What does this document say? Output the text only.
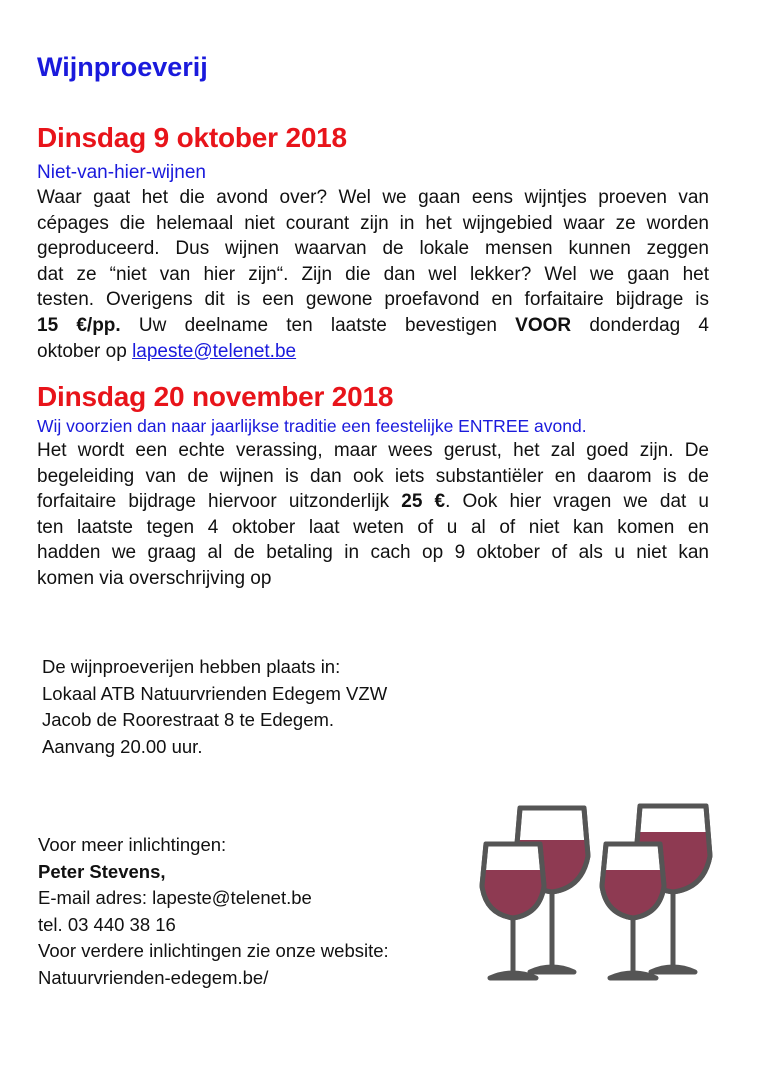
Wijnproeverij
Dinsdag 9 oktober 2018
Niet-van-hier-wijnen
Waar gaat het die avond over? Wel we gaan eens wijntjes proeven van
cépages die helemaal niet courant zijn in het wijngebied waar ze worden
geproduceerd. Dus wijnen waarvan de lokale mensen kunnen zeggen
dat ze “niet van hier zijn“. Zijn die dan wel lekker? Wel we gaan het
testen. Overigens dit is een gewone proefavond en forfaitaire bijdrage is
15 €/pp. Uw deelname ten laatste bevestigen VOOR donderdag 4
oktober op lapeste@telenet.be
Dinsdag 20 november 2018
Wij voorzien dan naar jaarlijkse traditie een feestelijke ENTREE avond.
Het wordt een echte verassing, maar wees gerust, het zal goed zijn. De
begeleiding van de wijnen is dan ook iets substantiëler en daarom is de
forfaitaire bijdrage hiervoor uitzonderlijk 25 €. Ook hier vragen we dat u
ten laatste tegen 4 oktober laat weten of u al of niet kan komen en
hadden we graag al de betaling in cach op 9 oktober of als u niet kan
komen via overschrijving op
De wijnproeverijen hebben plaats in:
Lokaal ATB Natuurvrienden Edegem VZW
Jacob de Roorestraat 8 te Edegem.
Aanvang 20.00 uur.
Voor meer inlichtingen:
Peter Stevens,
E-mail adres: lapeste@telenet.be
tel. 03 440 38 16
Voor verdere inlichtingen zie onze website:
Natuurvrienden-edegem.be/
